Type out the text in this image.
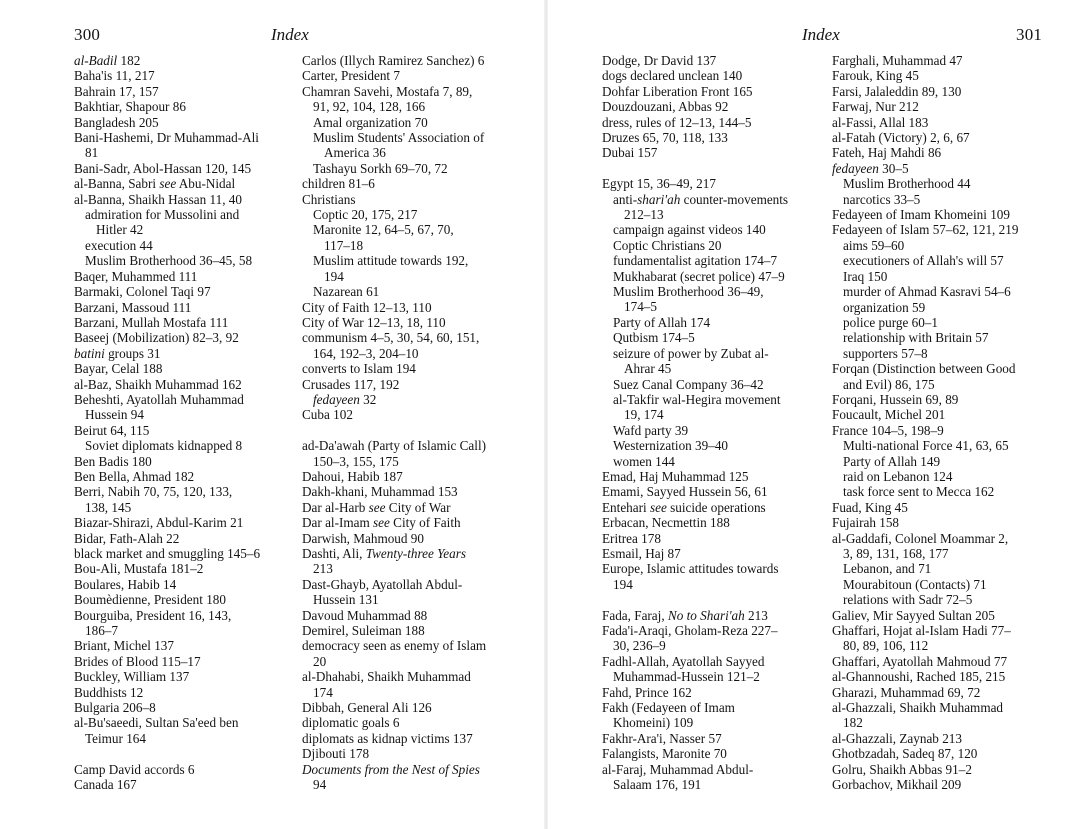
300	Index

al-Badil 182

Baha'is 11, 217

Bahrain 17, 157

Bakhtiar, Shapour 86

Bangladesh 205

Bani-Hashemi, Dr Muhammad-Ali
81

Bani-Sadr, Abol-Hassan 120, 145

al-Banna, Sabri see Abu-Nidal

al-Banna, Shaikh Hassan 11, 40

admiration for Mussolini and
Hitler 42

execution 44

Muslim Brotherhood 36–45, 58

Baqer, Muhammed 111

Barmaki, Colonel Taqi 97

Barzani, Massoud 111

Barzani, Mullah Mostafa 111

Baseej (Mobilization) 82–3, 92

batini groups 31

Bayar, Celal 188

al-Baz, Shaikh Muhammad 162

Beheshti, Ayatollah Muhammad
Hussein 94

Beirut 64, 115

Soviet diplomats kidnapped 8

Ben Badis 180

Ben Bella, Ahmad 182

Berri, Nabih 70, 75, 120, 133,
138, 145

Biazar-Shirazi, Abdul-Karim 21

Bidar, Fath-Alah 22

black market and smuggling 145–6

Bou-Ali, Mustafa 181–2

Boulares, Habib 14

Boumèdienne, President 180

Bourguiba, President 16, 143,
186–7

Briant, Michel 137

Brides of Blood 115–17

Buckley, William 137

Buddhists 12

Bulgaria 206–8

al-Bu'saeedi, Sultan Sa'eed ben
Teimur 164

Camp David accords 6

Canada 167

Carlos (Illych Ramirez Sanchez) 6

Carter, President 7

Chamran Savehi, Mostafa 7, 89,
91, 92, 104, 128, 166

Amal organization 70

Muslim Students' Association of
America 36

Tashayu Sorkh 69–70, 72

children 81–6

Christians

Coptic 20, 175, 217

Maronite 12, 64–5, 67, 70,
117–18

Muslim attitude towards 192,
194

Nazarean 61

City of Faith 12–13, 110

City of War 12–13, 18, 110

communism 4–5, 30, 54, 60, 151,
164, 192–3, 204–10

converts to Islam 194

Crusades 117, 192

fedayeen 32

Cuba 102

ad-Da'awah (Party of Islamic Call)
150–3, 155, 175

Dahoui, Habib 187

Dakh-khani, Muhammad 153

Dar al-Harb see City of War

Dar al-Imam see City of Faith

Darwish, Mahmoud 90

Dashti, Ali, Twenty-three Years
213

Dast-Ghayb, Ayatollah Abdul-
Hussein 131

Davoud Muhammad 88

Demirel, Suleiman 188

democracy seen as enemy of Islam
20

al-Dhahabi, Shaikh Muhammad
174

Dibbah, General Ali 126

diplomatic goals 6

diplomats as kidnap victims 137

Djibouti 178

Documents from the Nest of Spies
94

301
Index

Dodge, Dr David 137

dogs declared unclean 140

Dohfar Liberation Front 165

Douzdouzani, Abbas 92

dress, rules of 12–13, 144–5

Druzes 65, 70, 118, 133

Dubai 157

Egypt 15, 36–49, 217

anti-shari'ah counter-movements
212–13

campaign against videos 140

Coptic Christians 20

fundamentalist agitation 174–7

Mukhabarat (secret police) 47–9

Muslim Brotherhood 36–49,
174–5

Party of Allah 174

Qutbism 174–5

seizure of power by Zubat al-
Ahrar 45

Suez Canal Company 36–42

al-Takfir wal-Hegira movement
19, 174

Wafd party 39

Westernization 39–40

women 144

Emad, Haj Muhammad 125

Emami, Sayyed Hussein 56, 61

Entehari see suicide operations

Erbacan, Necmettin 188

Eritrea 178

Esmail, Haj 87

Europe, Islamic attitudes towards
194

Fada, Faraj, No to Shari'ah 213

Fada'i-Araqi, Gholam-Reza 227–
30, 236–9

Fadhl-Allah, Ayatollah Sayyed
Muhammad-Hussein 121–2

Fahd, Prince 162

Fakh (Fedayeen of Imam
Khomeini) 109

Fakhr-Ara'i, Nasser 57

Falangists, Maronite 70

al-Faraj, Muhammad Abdul-
Salaam 176, 191

Farghali, Muhammad 47

Farouk, King 45

Farsi, Jalaleddin 89, 130

Farwaj, Nur 212

al-Fassi, Allal 183

al-Fatah (Victory) 2, 6, 67

Fateh, Haj Mahdi 86

fedayeen 30–5

Muslim Brotherhood 44

narcotics 33–5

Fedayeen of Imam Khomeini 109

Fedayeen of Islam 57–62, 121, 219

aims 59–60

executioners of Allah's will 57

Iraq 150

murder of Ahmad Kasravi 54–6

organization 59

police purge 60–1

relationship with Britain 57

supporters 57–8

Forqan (Distinction between Good
and Evil) 86, 175

Forqani, Hussein 69, 89

Foucault, Michel 201

France 104–5, 198–9

Multi-national Force 41, 63, 65

Party of Allah 149

raid on Lebanon 124

task force sent to Mecca 162

Fuad, King 45

Fujairah 158

al-Gaddafi, Colonel Moammar 2,
3, 89, 131, 168, 177

Lebanon, and 71

Mourabitoun (Contacts) 71

relations with Sadr 72–5

Galiev, Mir Sayyed Sultan 205

Ghaffari, Hojat al-Islam Hadi 77–
80, 89, 106, 112

Ghaffari, Ayatollah Mahmoud 77

al-Ghannoushi, Rached 185, 215

Gharazi, Muhammad 69, 72

al-Ghazzali, Shaikh Muhammad
182

al-Ghazzali, Zaynab 213

Ghotbzadah, Sadeq 87, 120

Golru, Shaikh Abbas 91–2

Gorbachov, Mikhail 209
